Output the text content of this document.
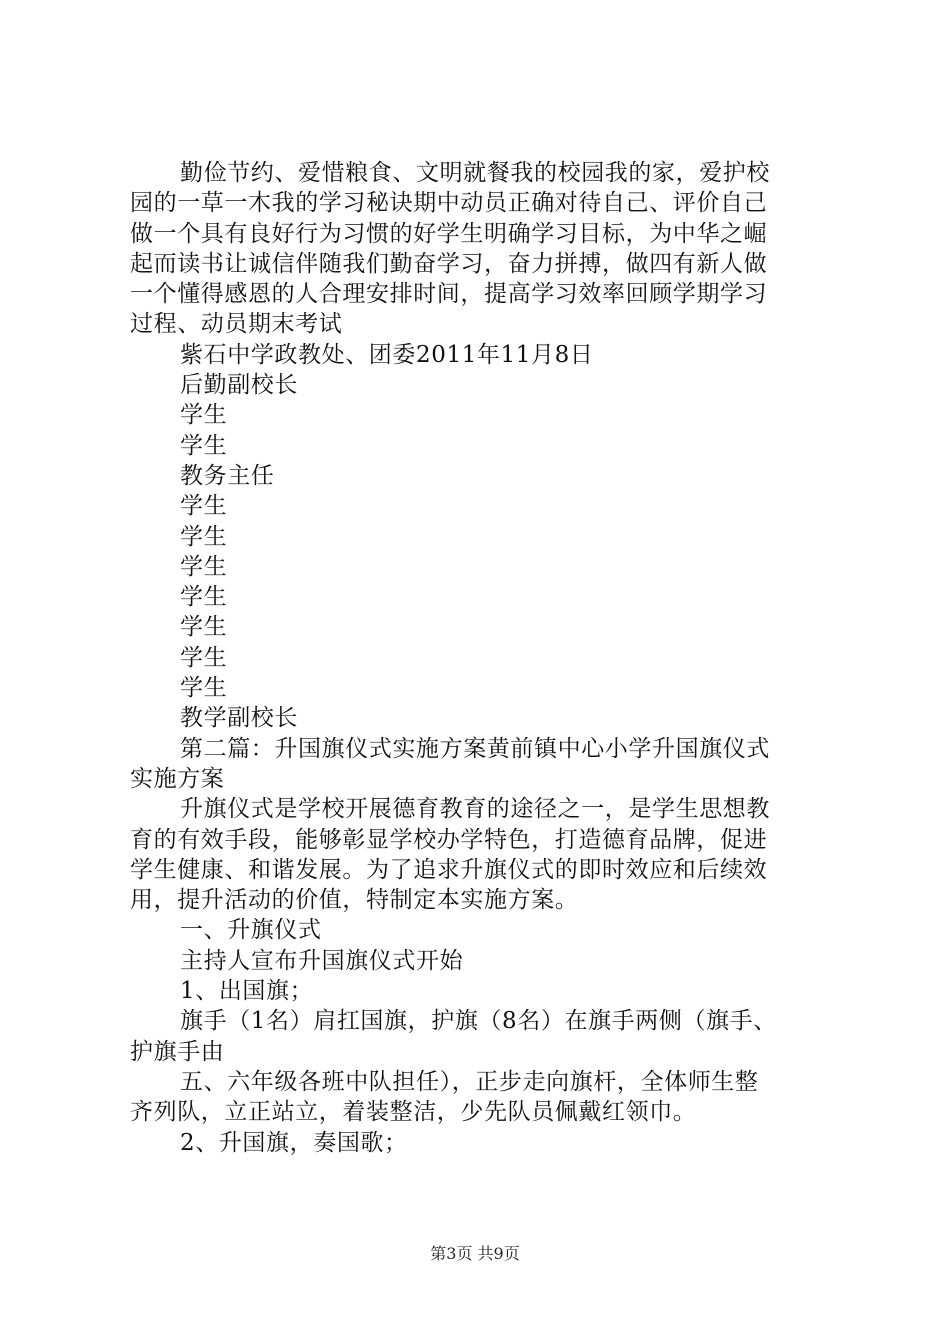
勤俭节约、爱惜粮食、文明就餐我的校园我的家，爱护校
园的一草一木我的学习秘诀期中动员正确对待自己、评价自己
做一个具有良好行为习惯的好学生明确学习目标，为中华之崛
起而读书让诚信伴随我们勤奋学习，奋力拼搏，做四有新人做
一个懂得感恩的人合理安排时间，提高学习效率回顾学期学习
过程、动员期末考试
紫石中学政教处、团委2011年11月8日
后勤副校长
学生
学生
教务主任
学生
学生
学生
学生
学生
学生
学生
教学副校长
第二篇：升国旗仪式实施方案黄前镇中心小学升国旗仪式
实施方案
升旗仪式是学校开展德育教育的途径之一，是学生思想教
育的有效手段，能够彰显学校办学特色，打造德育品牌，促进
学生健康、和谐发展。为了追求升旗仪式的即时效应和后续效
用，提升活动的价值，特制定本实施方案。
一、升旗仪式
主持人宣布升国旗仪式开始
1、出国旗；
旗手（1名）肩扛国旗，护旗（8名）在旗手两侧（旗手、
护旗手由
五、六年级各班中队担任），正步走向旗杆，全体师生整
齐列队，立正站立，着装整洁，少先队员佩戴红领巾。
2、升国旗，奏国歌；
第3页 共9页
